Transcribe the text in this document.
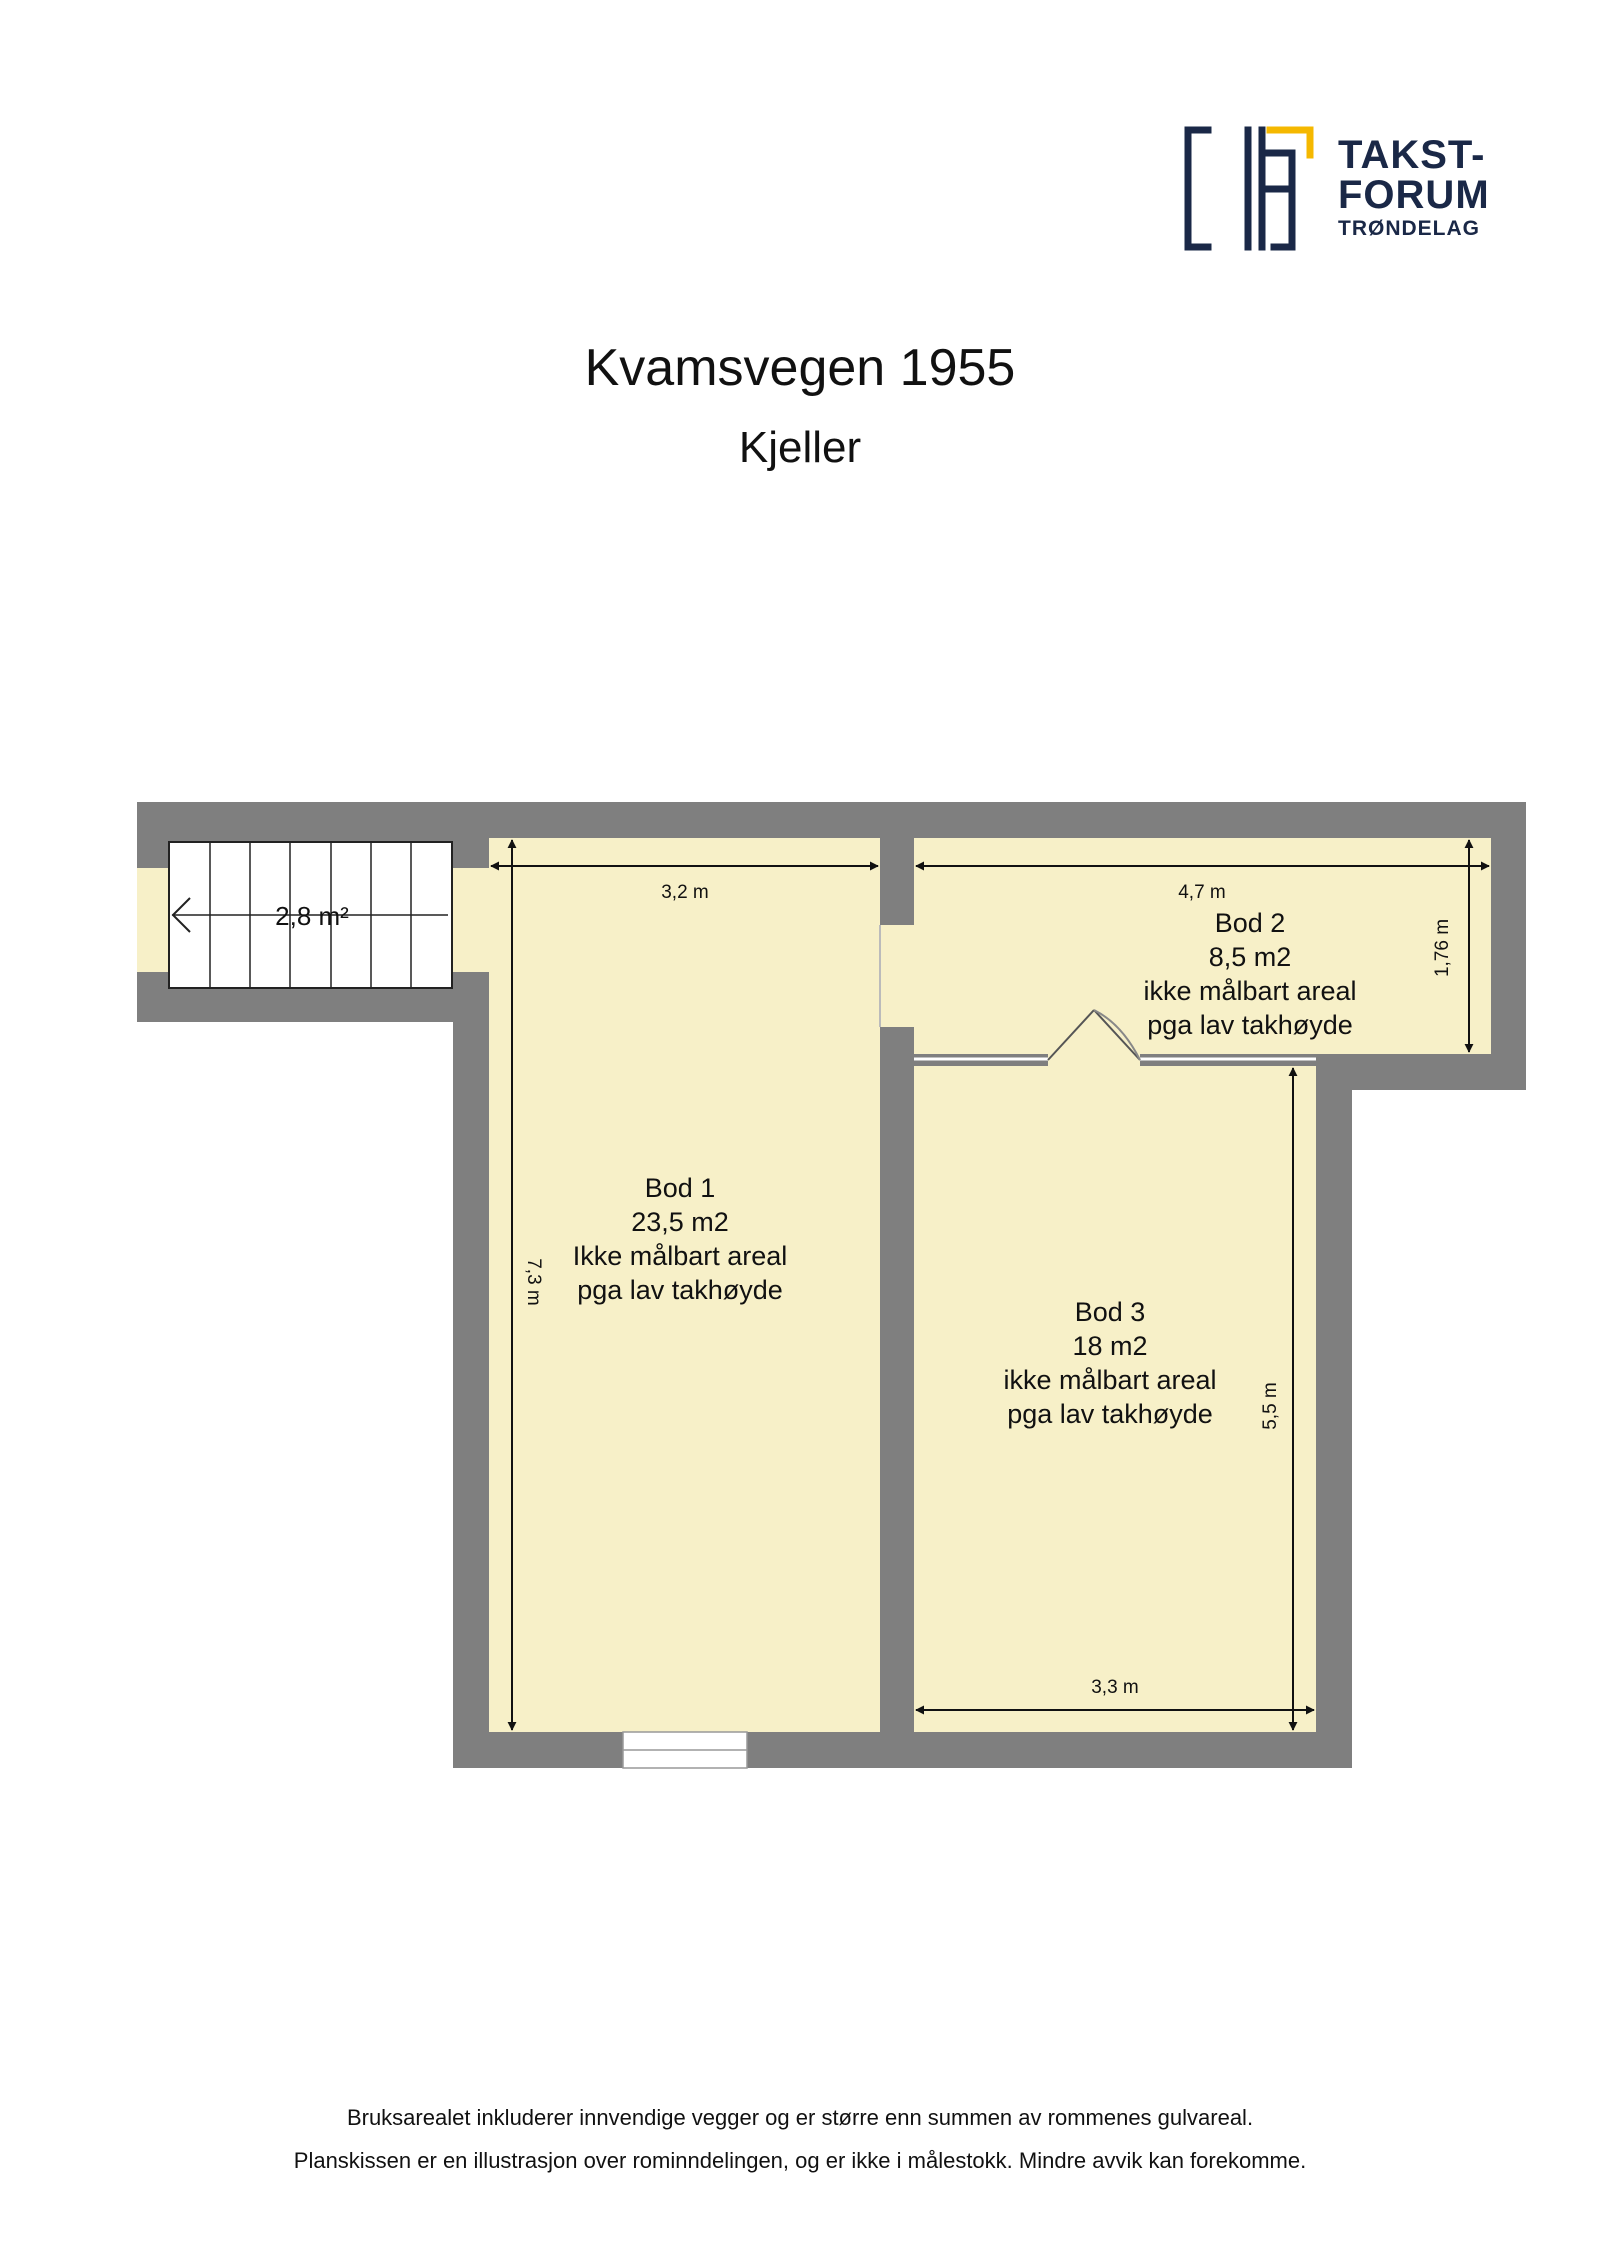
TAKST-
FORUM
TRØNDELAG
Kvamsvegen 1955
Kjeller
2,8 m²
3,2 m
7,3 m
4,7 m
1,76 m
3,3 m
5,5 m
Bod 1
23,5 m2
Ikke målbart areal
pga lav takhøyde
Bod 2
8,5 m2
ikke målbart areal
pga lav takhøyde
Bod 3
18 m2
ikke målbart areal
pga lav takhøyde
Bruksarealet inkluderer innvendige vegger og er større enn summen av rommenes gulvareal.
Planskissen er en illustrasjon over rominndelingen, og er ikke i målestokk. Mindre avvik kan forekomme.
